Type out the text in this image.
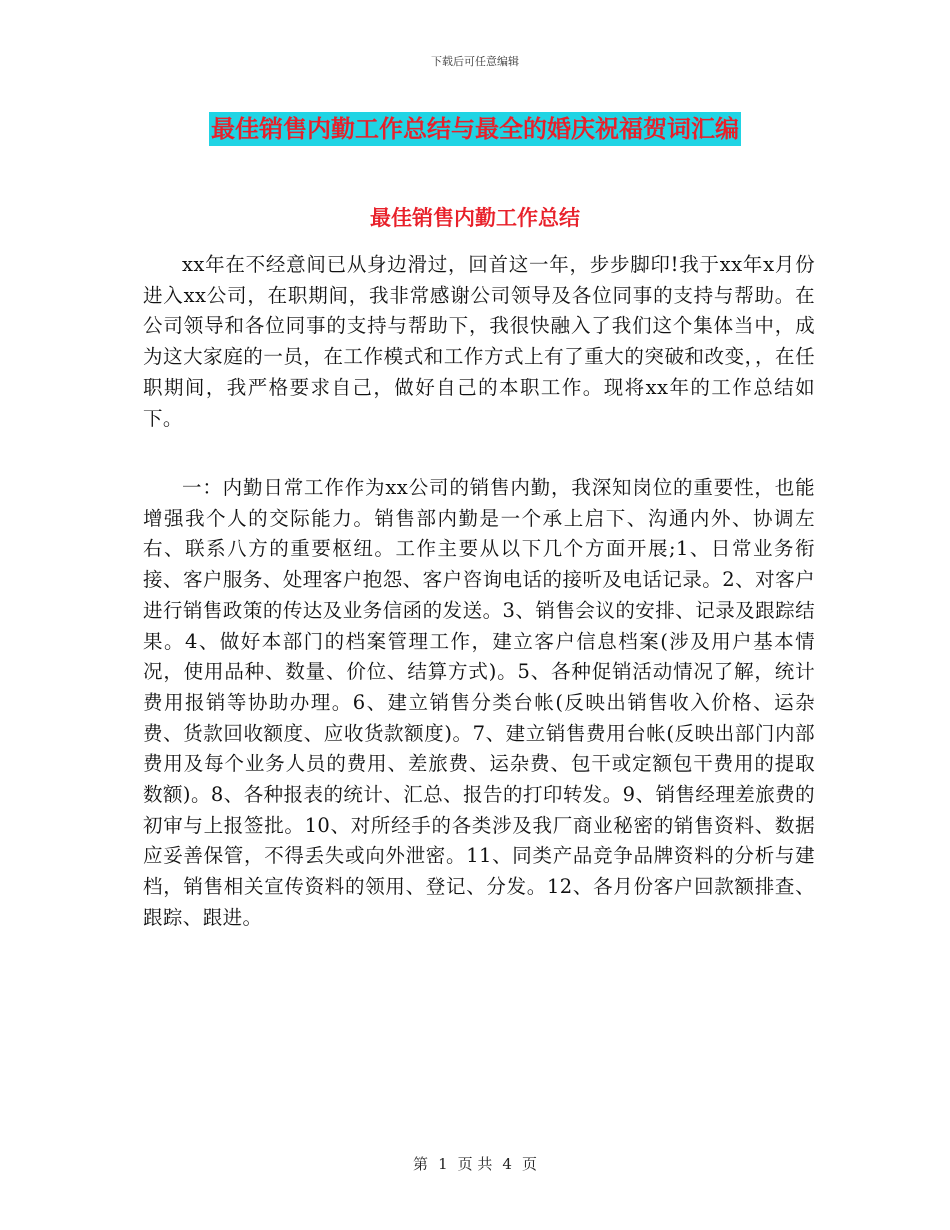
下载后可任意编辑
最佳销售内勤工作总结与最全的婚庆祝福贺词汇编
最佳销售内勤工作总结

xx年在不经意间已从身边滑过，回首这一年，步步脚印!我于xx年x月份进入xx公司，在职期间，我非常感谢公司领导及各位同事的支持与帮助。在公司领导和各位同事的支持与帮助下，我很快融入了我们这个集体当中，成为这大家庭的一员，在工作模式和工作方式上有了重大的突破和改变，，在任职期间，我严格要求自己，做好自己的本职工作。现将xx年的工作总结如下。

一：内勤日常工作作为xx公司的销售内勤，我深知岗位的重要性，也能增强我个人的交际能力。销售部内勤是一个承上启下、沟通内外、协调左右、联系八方的重要枢纽。工作主要从以下几个方面开展;1、日常业务衔接、客户服务、处理客户抱怨、客户咨询电话的接听及电话记录。2、对客户进行销售政策的传达及业务信函的发送。3、销售会议的安排、记录及跟踪结果。4、做好本部门的档案管理工作，建立客户信息档案(涉及用户基本情况，使用品种、数量、价位、结算方式)。5、各种促销活动情况了解，统计费用报销等协助办理。6、建立销售分类台帐(反映出销售收入价格、运杂费、货款回收额度、应收货款额度)。7、建立销售费用台帐(反映出部门内部费用及每个业务人员的费用、差旅费、运杂费、包干或定额包干费用的提取数额)。8、各种报表的统计、汇总、报告的打印转发。9、销售经理差旅费的初审与上报签批。10、对所经手的各类涉及我厂商业秘密的销售资料、数据应妥善保管，不得丢失或向外泄密。11、同类产品竞争品牌资料的分析与建档，销售相关宣传资料的领用、登记、分发。12、各月份客户回款额排查、跟踪、跟进。

第 1 页 共 4 页
